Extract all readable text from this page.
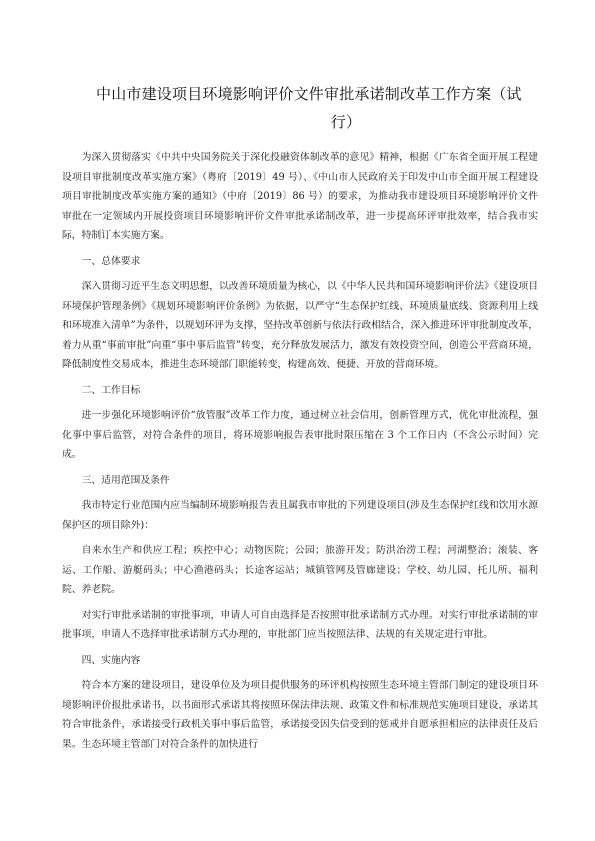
中山市建设项目环境影响评价文件审批承诺制改革工作方案（试
行）

为深入贯彻落实《中共中央国务院关于深化投融资体制改革的意见》精神，根据《广东省全面开展工程建设项目审批制度改革实施方案》（粤府〔2019〕49 号）、《中山市人民政府关于印发中山市全面开展工程建设项目审批制度改革实施方案的通知》（中府〔2019〕86 号）的要求，为推动我市建设项目环境影响评价文件审批在一定领域内开展投资项目环境影响评价文件审批承诺制改革，进一步提高环评审批效率，结合我市实际，特制订本实施方案。

一、总体要求

深入贯彻习近平生态文明思想，以改善环境质量为核心，以《中华人民共和国环境影响评价法》《建设项目环境保护管理条例》《规划环境影响评价条例》为依据，以严守“生态保护红线、环境质量底线、资源利用上线和环境准入清单”为条件，以规划环评为支撑，坚持改革创新与依法行政相结合，深入推进环评审批制度改革，着力从重“事前审批”向重“事中事后监管”转变，充分释放发展活力，激发有效投资空间，创造公平营商环境，降低制度性交易成本，推进生态环境部门职能转变，构建高效、便捷、开放的营商环境。

二、工作目标

进一步强化环境影响评价“放管服”改革工作力度，通过树立社会信用，创新管理方式，优化审批流程，强化事中事后监管，对符合条件的项目，将环境影响报告表审批时限压缩在 3 个工作日内（不含公示时间）完成。

三、适用范围及条件

我市特定行业范围内应当编制环境影响报告表且属我市审批的下列建设项目(涉及生态保护红线和饮用水源保护区的项目除外)：

自来水生产和供应工程；疾控中心；动物医院；公园；旅游开发；防洪治涝工程；河湖整治；滚装、客运、工作船、游艇码头；中心渔港码头；长途客运站；城镇管网及管廊建设；学校、幼儿园、托儿所、福利院、养老院。

对实行审批承诺制的审批事项，申请人可自由选择是否按照审批承诺制方式办理。对实行审批承诺制的审批事项，申请人不选择审批承诺制方式办理的，审批部门应当按照法律、法规的有关规定进行审批。

四、实施内容

符合本方案的建设项目，建设单位及为项目提供服务的环评机构按照生态环境主管部门制定的建设项目环境影响评价报批承诺书，以书面形式承诺其将按照环保法律法规、政策文件和标准规范实施项目建设，承诺其符合审批条件，承诺接受行政机关事中事后监管，承诺接受因失信受到的惩戒并自愿承担相应的法律责任及后果。生态环境主管部门对符合条件的加快进行
